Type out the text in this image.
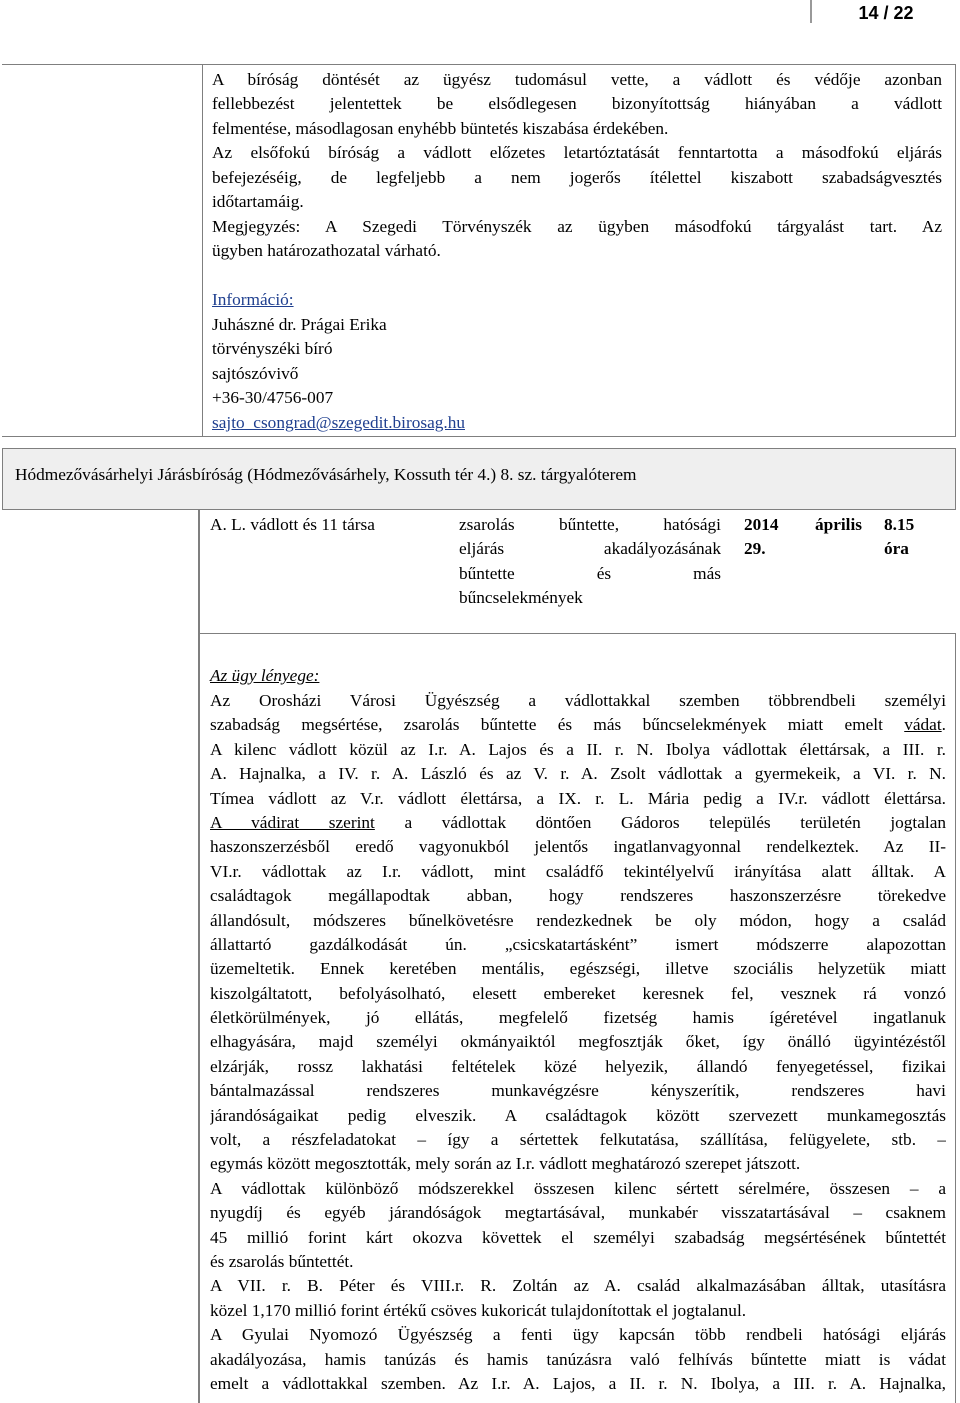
14 / 22
A bíróság döntését az ügyész tudomásul vette, a vádlott és védője azonban
fellebbezést jelentettek be elsődlegesen bizonyítottság hiányában a vádlott
felmentése, másodlagosan enyhébb büntetés kiszabása érdekében.
Az elsőfokú bíróság a vádlott előzetes letartóztatását fenntartotta a másodfokú eljárás
befejezéséig, de legfeljebb a nem jogerős ítélettel kiszabott szabadságvesztés
időtartamáig.
Megjegyzés: A Szegedi Törvényszék az ügyben másodfokú tárgyalást tart. Az
ügyben határozathozatal várható.
Információ:
Juhászné dr. Prágai Erika
törvényszéki bíró
sajtószóvivő
+36-30/4756-007
sajto_csongrad@szegedit.birosag.hu
Hódmezővásárhelyi Járásbíróság (Hódmezővásárhely, Kossuth tér 4.) 8. sz. tárgyalóterem
A. L. vádlott és 11 társa	zsarolás bűntette, hatósági
eljárás akadályozásának
bűntette és más
bűncselekmények
2014 április
29.
8.15
óra
Az ügy lényege:
Az Orosházi Városi Ügyészség a vádlottakkal szemben többrendbeli személyi
szabadság megsértése, zsarolás bűntette és más bűncselekmények miatt emelt vádat.
A kilenc vádlott közül az I.r. A. Lajos és a II. r. N. Ibolya vádlottak élettársak, a III. r.
A. Hajnalka, a IV. r. A. László és az V. r. A. Zsolt vádlottak a gyermekeik, a VI. r. N.
Tímea vádlott az V.r. vádlott élettársa, a IX. r. L. Mária pedig a IV.r. vádlott élettársa.
A vádirat szerint a vádlottak döntően Gádoros település területén jogtalan
haszonszerzésből eredő vagyonukból jelentős ingatlanvagyonnal rendelkeztek. Az II-
VI.r. vádlottak az I.r. vádlott, mint családfő tekintélyelvű irányítása alatt álltak. A
családtagok megállapodtak abban, hogy rendszeres haszonszerzésre törekedve
állandósult, módszeres bűnelkövetésre rendezkednek be oly módon, hogy a család
állattartó gazdálkodását ún. „csicskatartásként” ismert módszerre alapozottan
üzemeltetik. Ennek keretében mentális, egészségi, illetve szociális helyzetük miatt
kiszolgáltatott, befolyásolható, elesett embereket keresnek fel, vesznek rá vonzó
életkörülmények, jó ellátás, megfelelő fizetség hamis ígéretével ingatlanuk
elhagyására, majd személyi okmányaiktól megfosztják őket, így önálló ügyintézéstől
elzárják, rossz lakhatási feltételek közé helyezik, állandó fenyegetéssel, fizikai
bántalmazással rendszeres munkavégzésre kényszerítik, rendszeres havi
járandóságaikat pedig elveszik. A családtagok között szervezett munkamegosztás
volt, a részfeladatokat – így a sértettek felkutatása, szállítása, felügyelete, stb. –
egymás között megosztották, mely során az I.r. vádlott meghatározó szerepet játszott.
A vádlottak különböző módszerekkel összesen kilenc sértett sérelmére, összesen – a
nyugdíj és egyéb járandóságok megtartásával, munkabér visszatartásával – csaknem
45 millió forint kárt okozva követtek el személyi szabadság megsértésének bűntettét
és zsarolás bűntettét.
A VII. r. B. Péter és VIII.r. R. Zoltán az A. család alkalmazásában álltak, utasításra
közel 1,170 millió forint értékű csöves kukoricát tulajdonítottak el jogtalanul.
A Gyulai Nyomozó Ügyészség a fenti ügy kapcsán több rendbeli hatósági eljárás
akadályozása, hamis tanúzás és hamis tanúzásra való felhívás bűntette miatt is vádat
emelt a vádlottakkal szemben. Az I.r. A. Lajos, a II. r. N. Ibolya, a III. r. A. Hajnalka,
